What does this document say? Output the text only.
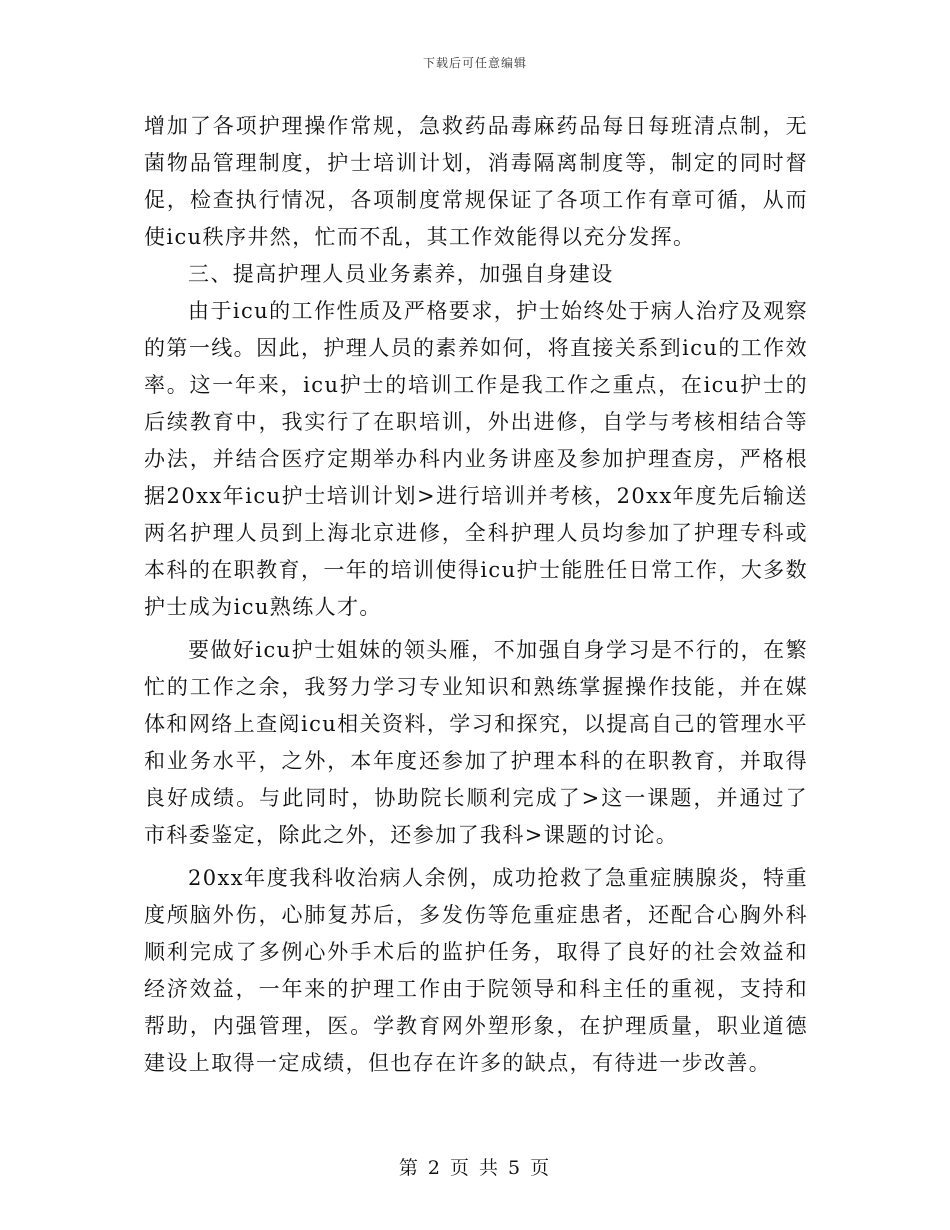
下载后可任意编辑

增加了各项护理操作常规，急救药品毒麻药品每日每班清点制，无菌物品管理制度，护士培训计划，消毒隔离制度等，制定的同时督促，检查执行情况，各项制度常规保证了各项工作有章可循，从而使icu秩序井然，忙而不乱，其工作效能得以充分发挥。

三、提高护理人员业务素养，加强自身建设

由于icu的工作性质及严格要求，护士始终处于病人治疗及观察的第一线。因此，护理人员的素养如何，将直接关系到icu的工作效率。这一年来，icu护士的培训工作是我工作之重点，在icu护士的后续教育中，我实行了在职培训，外出进修，自学与考核相结合等办法，并结合医疗定期举办科内业务讲座及参加护理查房，严格根据20xx年icu护士培训计划>进行培训并考核，20xx年度先后输送两名护理人员到上海北京进修，全科护理人员均参加了护理专科或本科的在职教育，一年的培训使得icu护士能胜任日常工作，大多数护士成为icu熟练人才。

要做好icu护士姐妹的领头雁，不加强自身学习是不行的，在繁忙的工作之余，我努力学习专业知识和熟练掌握操作技能，并在媒体和网络上查阅icu相关资料，学习和探究，以提高自己的管理水平和业务水平，之外，本年度还参加了护理本科的在职教育，并取得良好成绩。与此同时，协助院长顺利完成了>这一课题，并通过了市科委鉴定，除此之外，还参加了我科>课题的讨论。

20xx年度我科收治病人余例，成功抢救了急重症胰腺炎，特重度颅脑外伤，心肺复苏后，多发伤等危重症患者，还配合心胸外科顺利完成了多例心外手术后的监护任务，取得了良好的社会效益和经济效益，一年来的护理工作由于院领导和科主任的重视，支持和帮助，内强管理，医。学教育网外塑形象，在护理质量，职业道德建设上取得一定成绩，但也存在许多的缺点，有待进一步改善。

第 2 页 共 5 页
